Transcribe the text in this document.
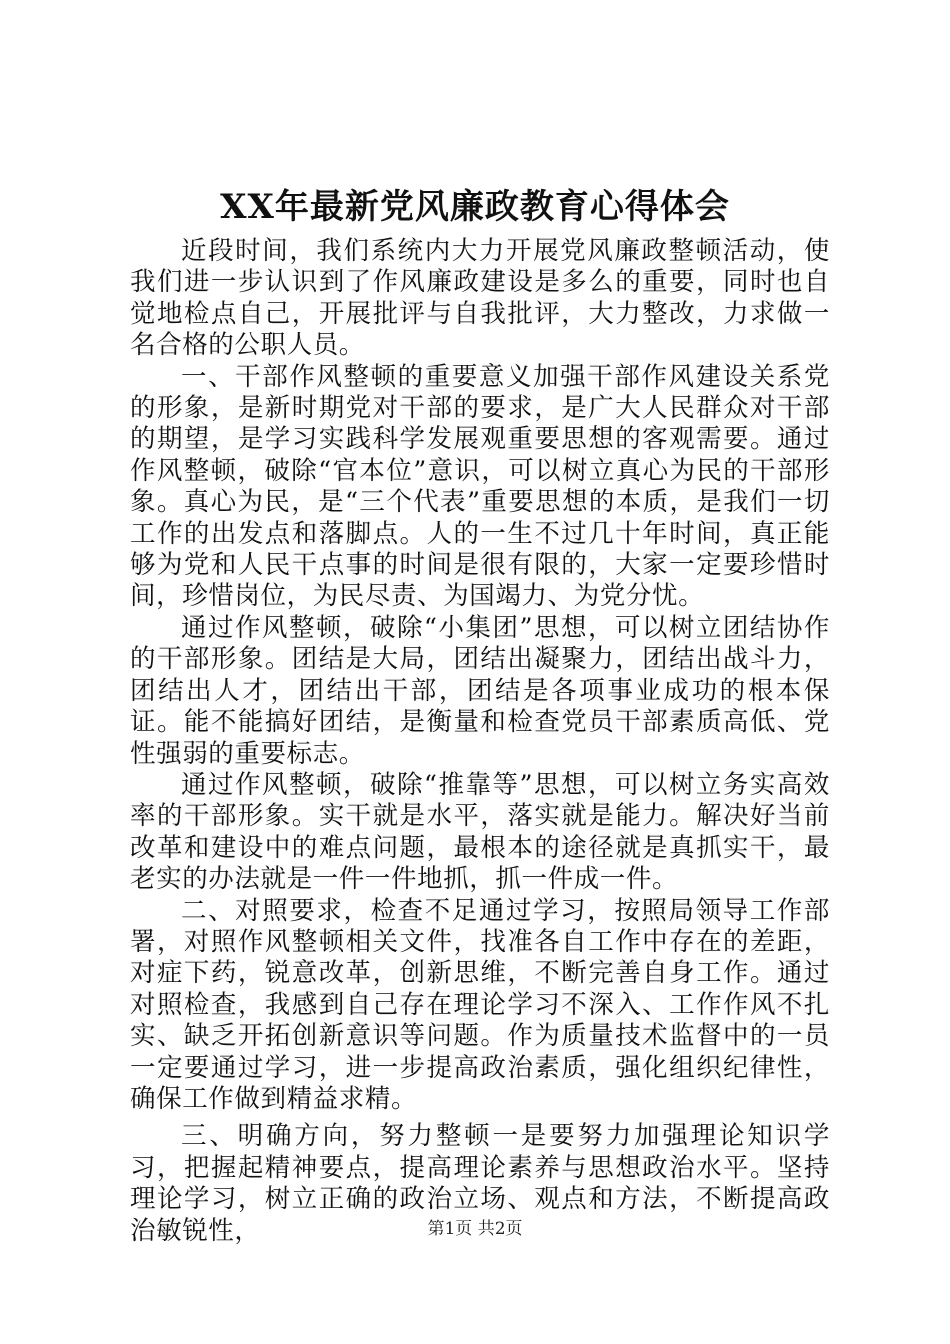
XX年最新党风廉政教育心得体会

近段时间，我们系统内大力开展党风廉政整顿活动，使我们进一步认识到了作风廉政建设是多么的重要，同时也自觉地检点自己，开展批评与自我批评，大力整改，力求做一名合格的公职人员。

一、干部作风整顿的重要意义加强干部作风建设关系党的形象，是新时期党对干部的要求，是广大人民群众对干部的期望，是学习实践科学发展观重要思想的客观需要。通过作风整顿，破除“官本位”意识，可以树立真心为民的干部形象。真心为民，是“三个代表”重要思想的本质，是我们一切工作的出发点和落脚点。人的一生不过几十年时间，真正能够为党和人民干点事的时间是很有限的，大家一定要珍惜时间，珍惜岗位，为民尽责、为国竭力、为党分忧。

通过作风整顿，破除“小集团”思想，可以树立团结协作的干部形象。团结是大局，团结出凝聚力，团结出战斗力，团结出人才，团结出干部，团结是各项事业成功的根本保证。能不能搞好团结，是衡量和检查党员干部素质高低、党性强弱的重要标志。

通过作风整顿，破除“推靠等”思想，可以树立务实高效率的干部形象。实干就是水平，落实就是能力。解决好当前改革和建设中的难点问题，最根本的途径就是真抓实干，最老实的办法就是一件一件地抓，抓一件成一件。

二、对照要求，检查不足通过学习，按照局领导工作部署，对照作风整顿相关文件，找准各自工作中存在的差距，对症下药，锐意改革，创新思维，不断完善自身工作。通过对照检查，我感到自己存在理论学习不深入、工作作风不扎实、缺乏开拓创新意识等问题。作为质量技术监督中的一员一定要通过学习，进一步提高政治素质，强化组织纪律性，确保工作做到精益求精。

三、明确方向，努力整顿一是要努力加强理论知识学习，把握起精神要点，提高理论素养与思想政治水平。坚持理论学习，树立正确的政治立场、观点和方法，不断提高政治敏锐性，	第1页 共2页
